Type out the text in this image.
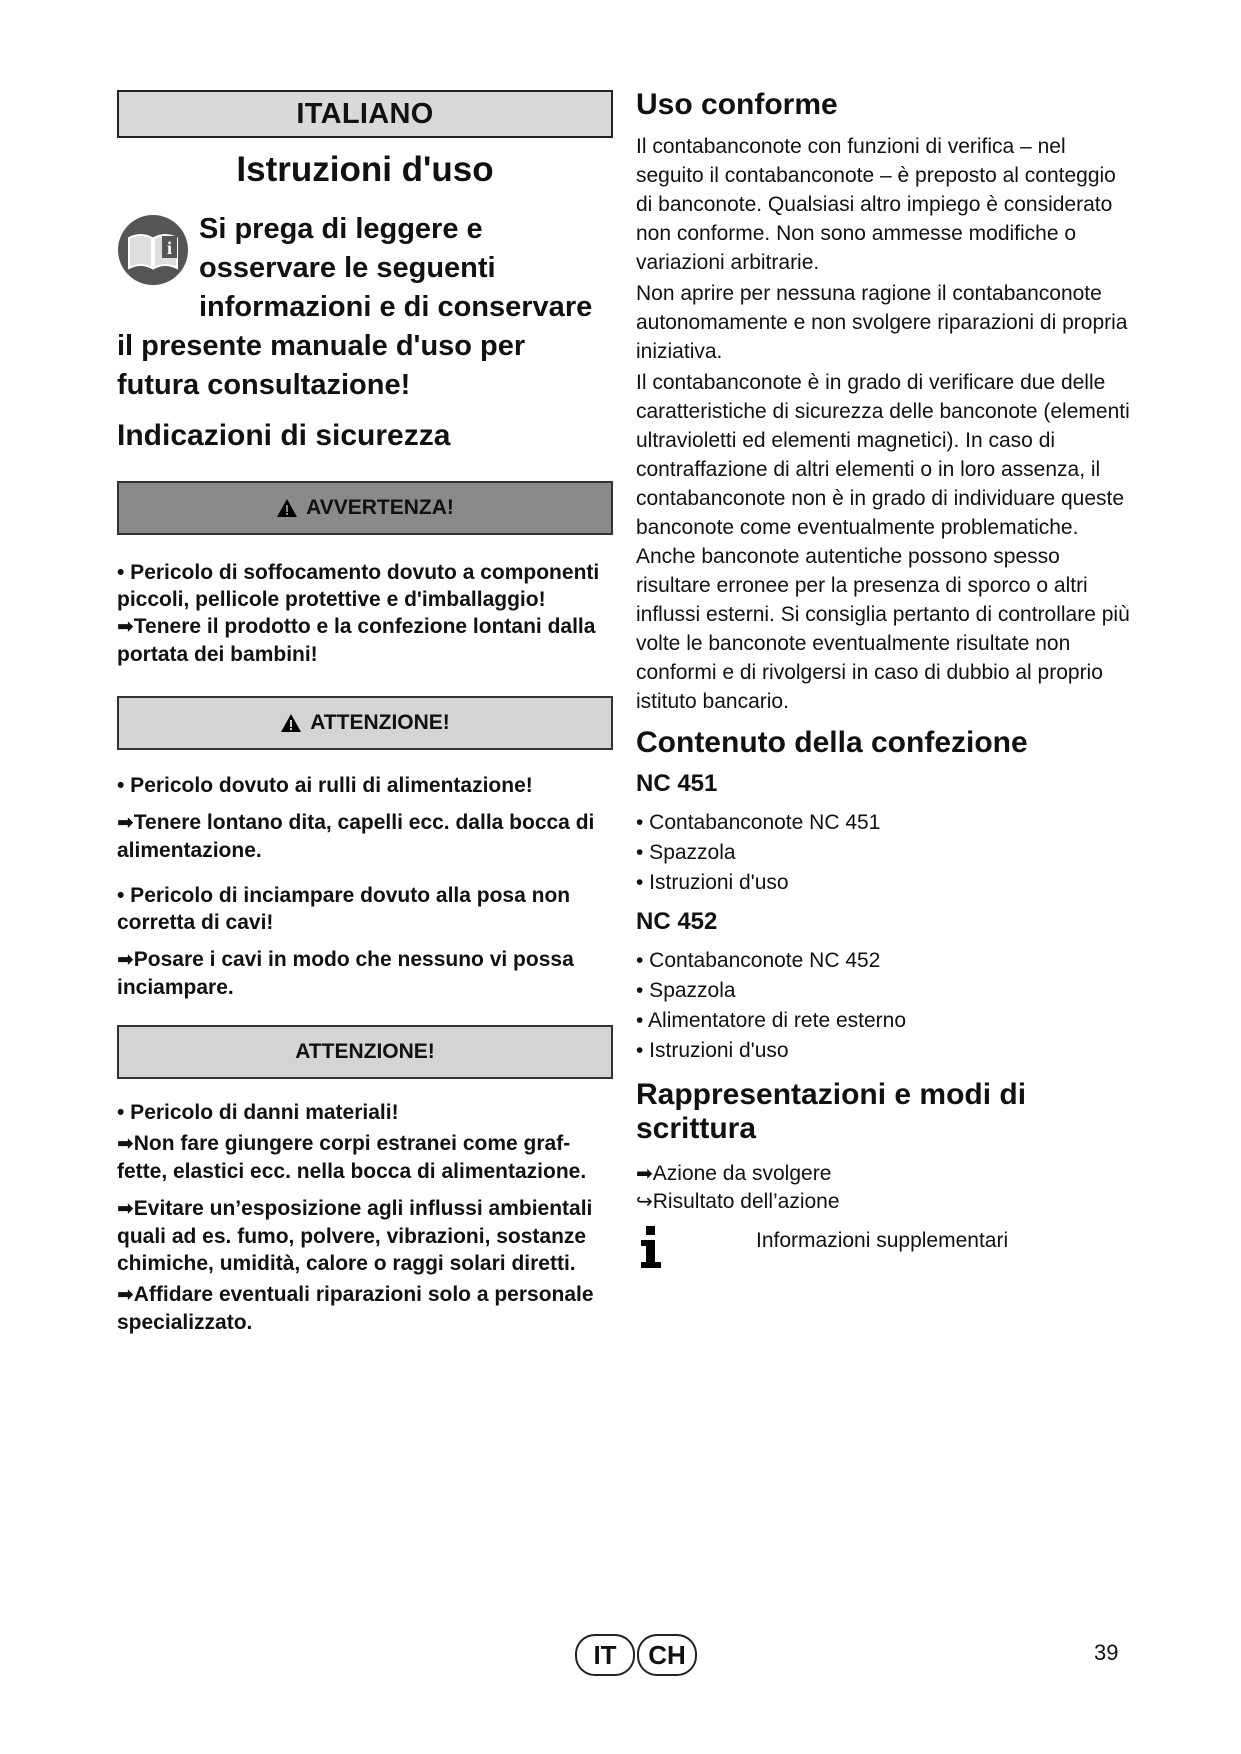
ITALIANO
Istruzioni d'uso
i
Si prega di leggere e osservare le seguenti informazioni e di conservare il presente manuale d'uso per futura consultazione!
Indicazioni di sicurezza
AVVERTENZA!

• Pericolo di soffocamento dovuto a componenti piccoli, pellicole protettive e d'imballaggio!

➡Tenere il prodotto e la confezione lontani dalla portata dei bambini!

ATTENZIONE!

• Pericolo dovuto ai rulli di alimentazione!

➡Tenere lontano dita, capelli ecc. dalla bocca di alimentazione.

• Pericolo di inciampare dovuto alla posa non corretta di cavi!

➡Posare i cavi in modo che nessuno vi possa inciampare.

ATTENZIONE!

• Pericolo di danni materiali!

➡Non fare giungere corpi estranei come graf-fette, elastici ecc. nella bocca di alimentazione.

➡Evitare un’esposizione agli influssi ambientali quali ad es. fumo, polvere, vibrazioni, sostanze chimiche, umidità, calore o raggi solari diretti.

➡Affidare eventuali riparazioni solo a personale specializzato.

Uso conforme

Il contabanconote con funzioni di verifica – nel seguito il contabanconote – è preposto al conteggio di banconote. Qualsiasi altro impiego è considerato non conforme. Non sono ammesse modifiche o variazioni arbitrarie.

Non aprire per nessuna ragione il contabanconote autonomamente e non svolgere riparazioni di propria iniziativa.

Il contabanconote è in grado di verificare due delle caratteristiche di sicurezza delle banconote (elementi ultravioletti ed elementi magnetici). In caso di contraffazione di altri elementi o in loro assenza, il contabanconote non è in grado di individuare queste banconote come eventualmente problematiche. Anche banconote autentiche possono spesso risultare erronee per la presenza di sporco o altri influssi esterni. Si consiglia pertanto di controllare più volte le banconote eventualmente risultate non conformi e di rivolgersi in caso di dubbio al proprio istituto bancario.

Contenuto della confezione
NC 451
• Contabanconote NC 451
• Spazzola
• Istruzioni d'uso
NC 452
• Contabanconote NC 452
• Spazzola
• Alimentatore di rete esterno
• Istruzioni d'uso
Rappresentazioni e modi di scrittura

➡Azione da svolgere

↪Risultato dell’azione

Informazioni supplementari

IT	CH	39
